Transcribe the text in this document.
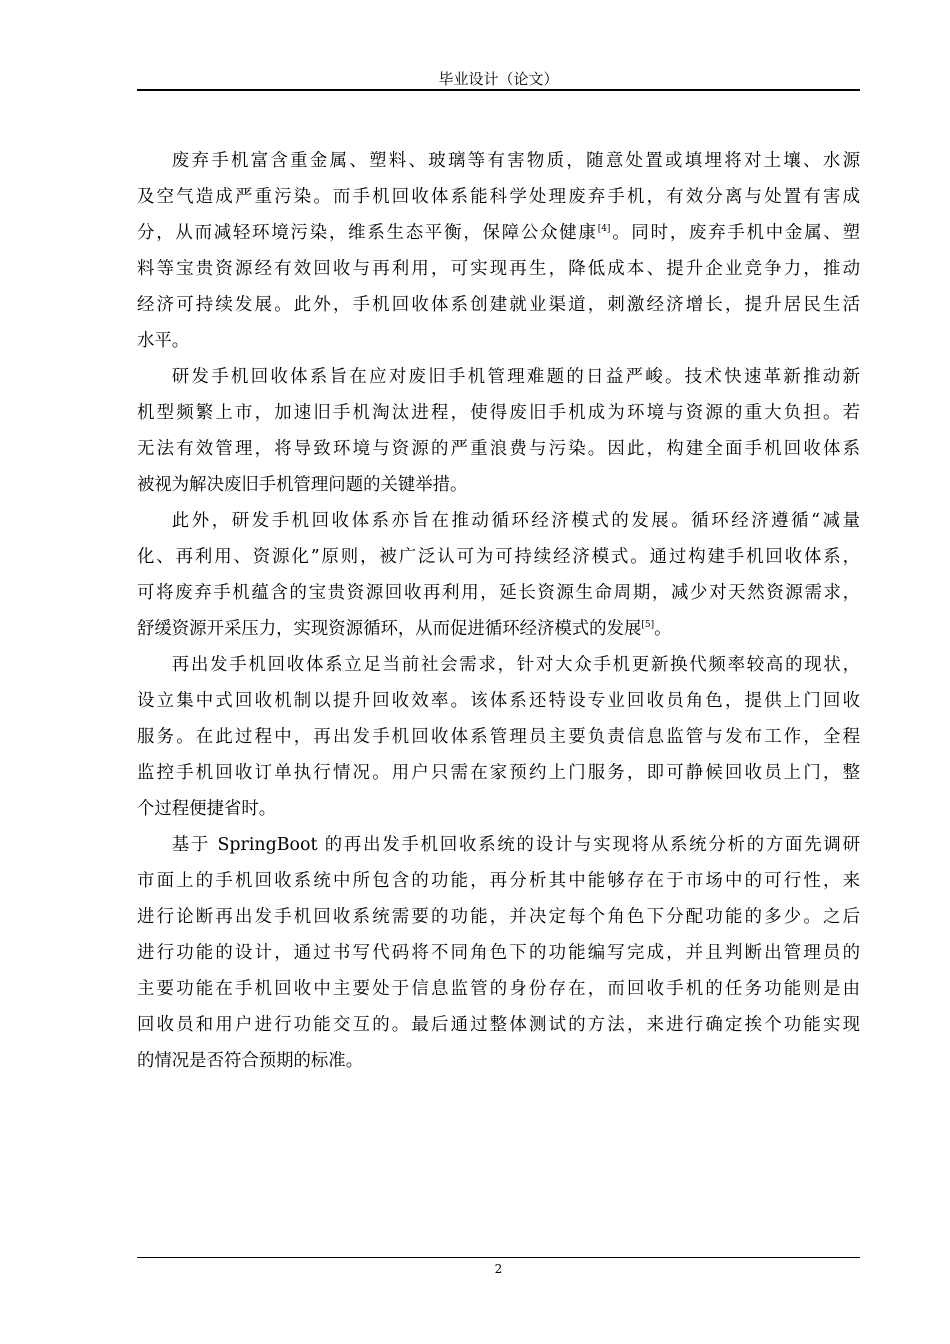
毕业设计（论文）
废弃手机富含重金属、塑料、玻璃等有害物质，随意处置或填埋将对土壤、水源
及空气造成严重污染。而手机回收体系能科学处理废弃手机，有效分离与处置有害成
分，从而减轻环境污染，维系生态平衡，保障公众健康[4]。同时，废弃手机中金属、塑
料等宝贵资源经有效回收与再利用，可实现再生，降低成本、提升企业竞争力，推动
经济可持续发展。此外，手机回收体系创建就业渠道，刺激经济增长，提升居民生活
水平。
研发手机回收体系旨在应对废旧手机管理难题的日益严峻。技术快速革新推动新
机型频繁上市，加速旧手机淘汰进程，使得废旧手机成为环境与资源的重大负担。若
无法有效管理，将导致环境与资源的严重浪费与污染。因此，构建全面手机回收体系
被视为解决废旧手机管理问题的关键举措。
此外，研发手机回收体系亦旨在推动循环经济模式的发展。循环经济遵循“减量
化、再利用、资源化”原则，被广泛认可为可持续经济模式。通过构建手机回收体系，
可将废弃手机蕴含的宝贵资源回收再利用，延长资源生命周期，减少对天然资源需求，
舒缓资源开采压力，实现资源循环，从而促进循环经济模式的发展[5]。
再出发手机回收体系立足当前社会需求，针对大众手机更新换代频率较高的现状，
设立集中式回收机制以提升回收效率。该体系还特设专业回收员角色，提供上门回收
服务。在此过程中，再出发手机回收体系管理员主要负责信息监管与发布工作，全程
监控手机回收订单执行情况。用户只需在家预约上门服务，即可静候回收员上门，整
个过程便捷省时。
基于 SpringBoot 的再出发手机回收系统的设计与实现将从系统分析的方面先调研
市面上的手机回收系统中所包含的功能，再分析其中能够存在于市场中的可行性，来
进行论断再出发手机回收系统需要的功能，并决定每个角色下分配功能的多少。之后
进行功能的设计，通过书写代码将不同角色下的功能编写完成，并且判断出管理员的
主要功能在手机回收中主要处于信息监管的身份存在，而回收手机的任务功能则是由
回收员和用户进行功能交互的。最后通过整体测试的方法，来进行确定挨个功能实现
的情况是否符合预期的标准。
2
